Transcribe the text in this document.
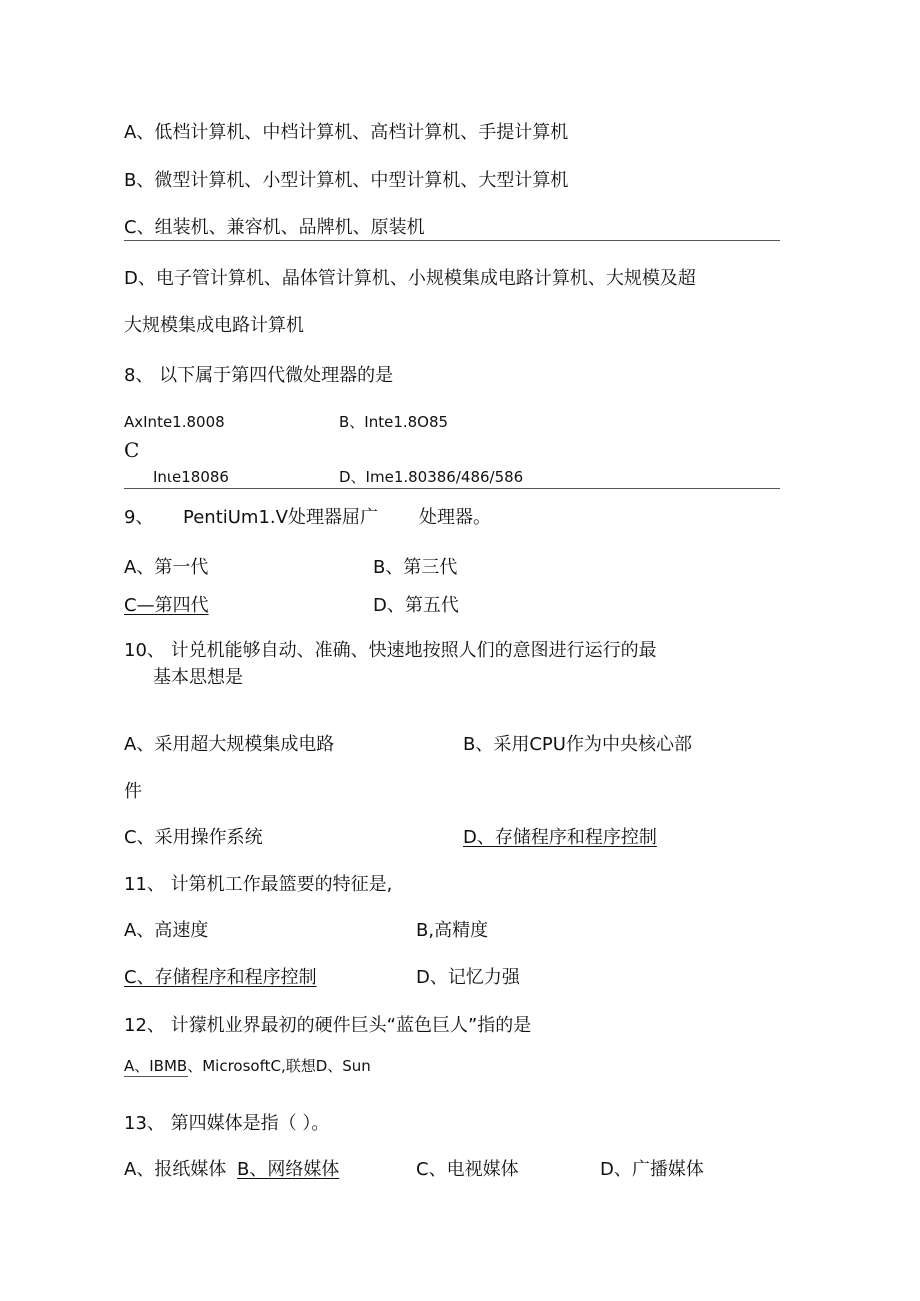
A、低档计算机、中档计算机、高档计算机、手提计算机
B、微型计算机、小型计算机、中型计算机、大型计算机
C、组装机、兼容机、品牌机、原装机
D、电子管计算机、晶体管计算机、小规模集成电路计算机、大规模及超
大规模集成电路计算机
8、 以下属于第四代微处理器的是
AxInte1.8008	B、Inte1.8O85
C
Inιe18086	D、Ime1.80386/486/586
9、 PentiUm1.V处理器屈广 处理器。
A、第一代	B、第三代
C—第四代	D、第五代
10、 计兑机能够自动、准确、快速地按照人们的意图进行运行的最
基本思想是
A、采用超大规模集成电路	B、采用CPU作为中央核心部
件
C、采用操作系统	D、存储程序和程序控制
11、 计第机工作最篮要的特征是,
A、高速度	B,高精度
C、存储程序和程序控制	D、记忆力强
12、 计獴机业界最初的硬件巨头“蓝色巨人”指的是
A、IBMB、MicrosoftC,联想D、Sun
13、 第四媒体是指（ ）。
A、报纸媒体 B、网络媒体	C、电视媒体	D、广播媒体
